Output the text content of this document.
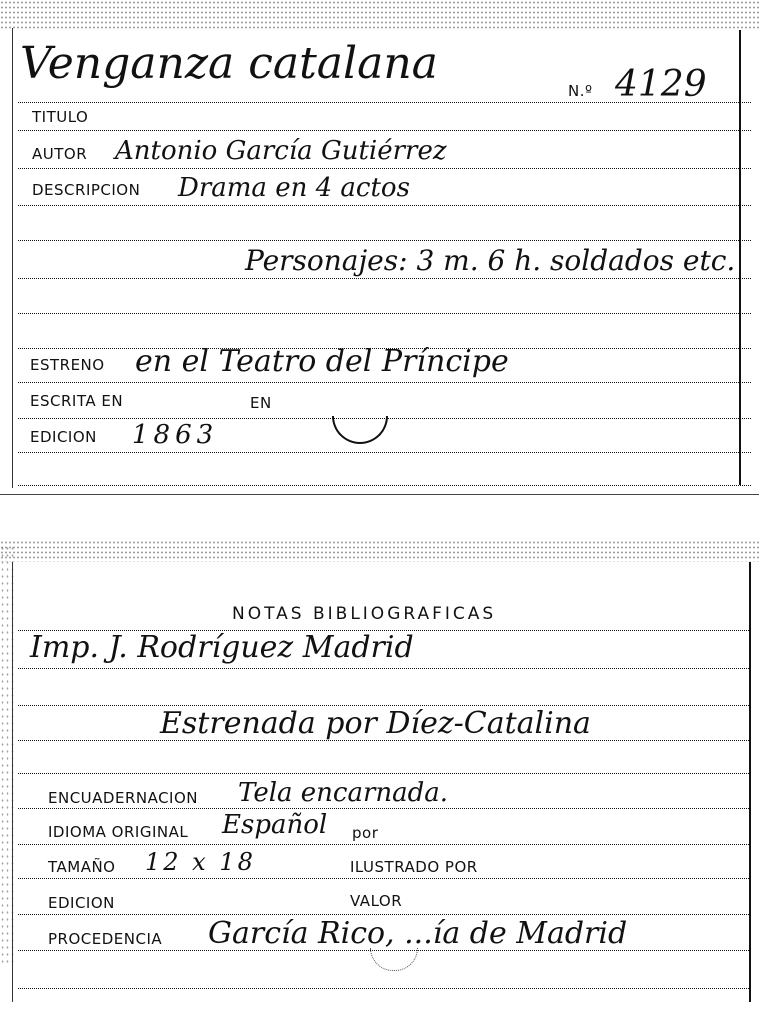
Venganza catalana
N.º 4129
TITULO
AUTOR Antonio García Gutiérrez
DESCRIPCION Drama en 4 actos
Personajes: 3 m. 6 h. soldados etc.
ESTRENO en el Teatro del Príncipe
ESCRITA EN	EN
EDICION 1863
NOTAS BIBLIOGRAFICAS
Imp. J. Rodríguez Madrid
Estrenada por Díez-Catalina
ENCUADERNACION Tela encarnada.
IDIOMA ORIGINAL Español por
TAMAÑO 12 x 18	ILUSTRADO POR
EDICION	VALOR
PROCEDENCIA García Rico, ...ía de Madrid
